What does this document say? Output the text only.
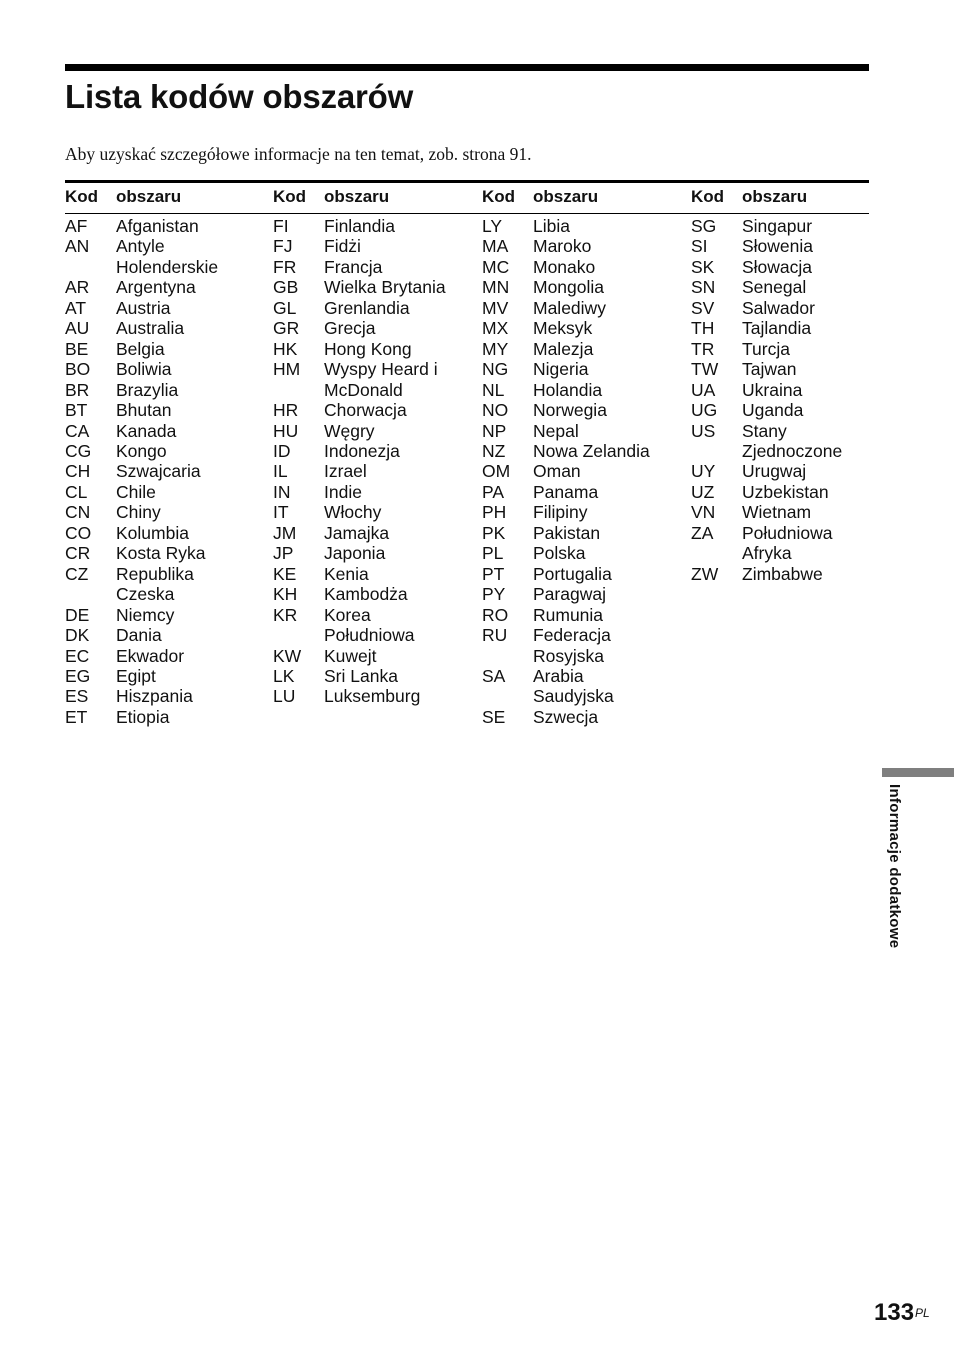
Lista kodów obszarów

Aby uzyskać szczegółowe informacje na ten temat, zob. strona 91.

Kod	obszaru
AF	Afganistan
AN	Antyle
Holenderskie
AR	Argentyna
AT	Austria
AU	Australia
BE	Belgia
BO	Boliwia
BR	Brazylia
BT	Bhutan
CA	Kanada
CG	Kongo
CH	Szwajcaria
CL	Chile
CN	Chiny
CO	Kolumbia
CR	Kosta Ryka
CZ	Republika
Czeska
DE	Niemcy
DK	Dania
EC	Ekwador
EG	Egipt
ES	Hiszpania
ET	Etiopia
Kod	obszaru
FI	Finlandia
FJ	Fidżi
FR	Francja
GB	Wielka Brytania
GL	Grenlandia
GR	Grecja
HK	Hong Kong
HM	Wyspy Heard i
McDonald
HR	Chorwacja
HU	Węgry
ID	Indonezja
IL	Izrael
IN	Indie
IT	Włochy
JM	Jamajka
JP	Japonia
KE	Kenia
KH	Kambodża
KR	Korea
Południowa
KW	Kuwejt
LK	Sri Lanka
LU	Luksemburg
Kod	obszaru
LY	Libia
MA	Maroko
MC	Monako
MN	Mongolia
MV	Malediwy
MX	Meksyk
MY	Malezja
NG	Nigeria
NL	Holandia
NO	Norwegia
NP	Nepal
NZ	Nowa Zelandia
OM	Oman
PA	Panama
PH	Filipiny
PK	Pakistan
PL	Polska
PT	Portugalia
PY	Paragwaj
RO	Rumunia
RU	Federacja
Rosyjska
SA	Arabia
Saudyjska
SE	Szwecja
Kod	obszaru
SG	Singapur
SI	Słowenia
SK	Słowacja
SN	Senegal
SV	Salwador
TH	Tajlandia
TR	Turcja
TW	Tajwan
UA	Ukraina
UG	Uganda
US	Stany
Zjednoczone
UY	Urugwaj
UZ	Uzbekistan
VN	Wietnam
ZA	Południowa
Afryka
ZW	Zimbabwe
Informacje dodatkowe
$133^{PL}$
